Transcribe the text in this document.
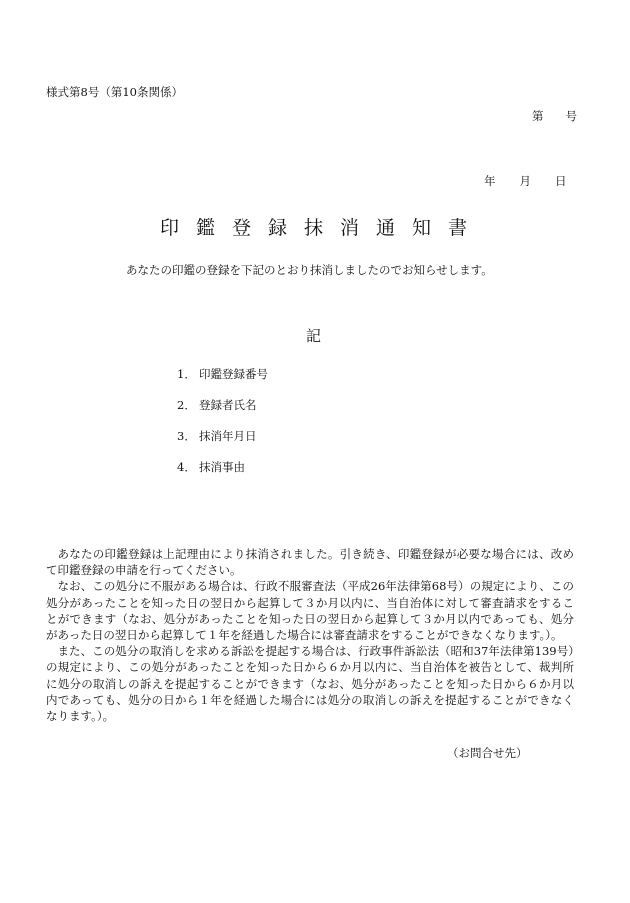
様式第8号（第10条関係）
第 号
年 月 日
印鑑登録抹消通知書
あなたの印鑑の登録を下記のとおり抹消しましたのでお知らせします。
記
1． 印鑑登録番号
2． 登録者氏名
3． 抹消年月日
4． 抹消事由

あなたの印鑑登録は上記理由により抹消されました。引き続き、印鑑登録が必要な場合には、改めて印鑑登録の申請を行ってください。

なお、この処分に不服がある場合は、行政不服審査法（平成26年法律第68号）の規定により、この処分があったことを知った日の翌日から起算して３か月以内に、当自治体に対して審査請求をすることができます（なお、処分があったことを知った日の翌日から起算して３か月以内であっても、処分があった日の翌日から起算して１年を経過した場合には審査請求をすることができなくなります。）。

また、この処分の取消しを求める訴訟を提起する場合は、行政事件訴訟法（昭和37年法律第139号）の規定により、この処分があったことを知った日から６か月以内に、当自治体を被告として、裁判所に処分の取消しの訴えを提起することができます（なお、処分があったことを知った日から６か月以内であっても、処分の日から１年を経過した場合には処分の取消しの訴えを提起することができなくなります。）。

（お問合せ先）
